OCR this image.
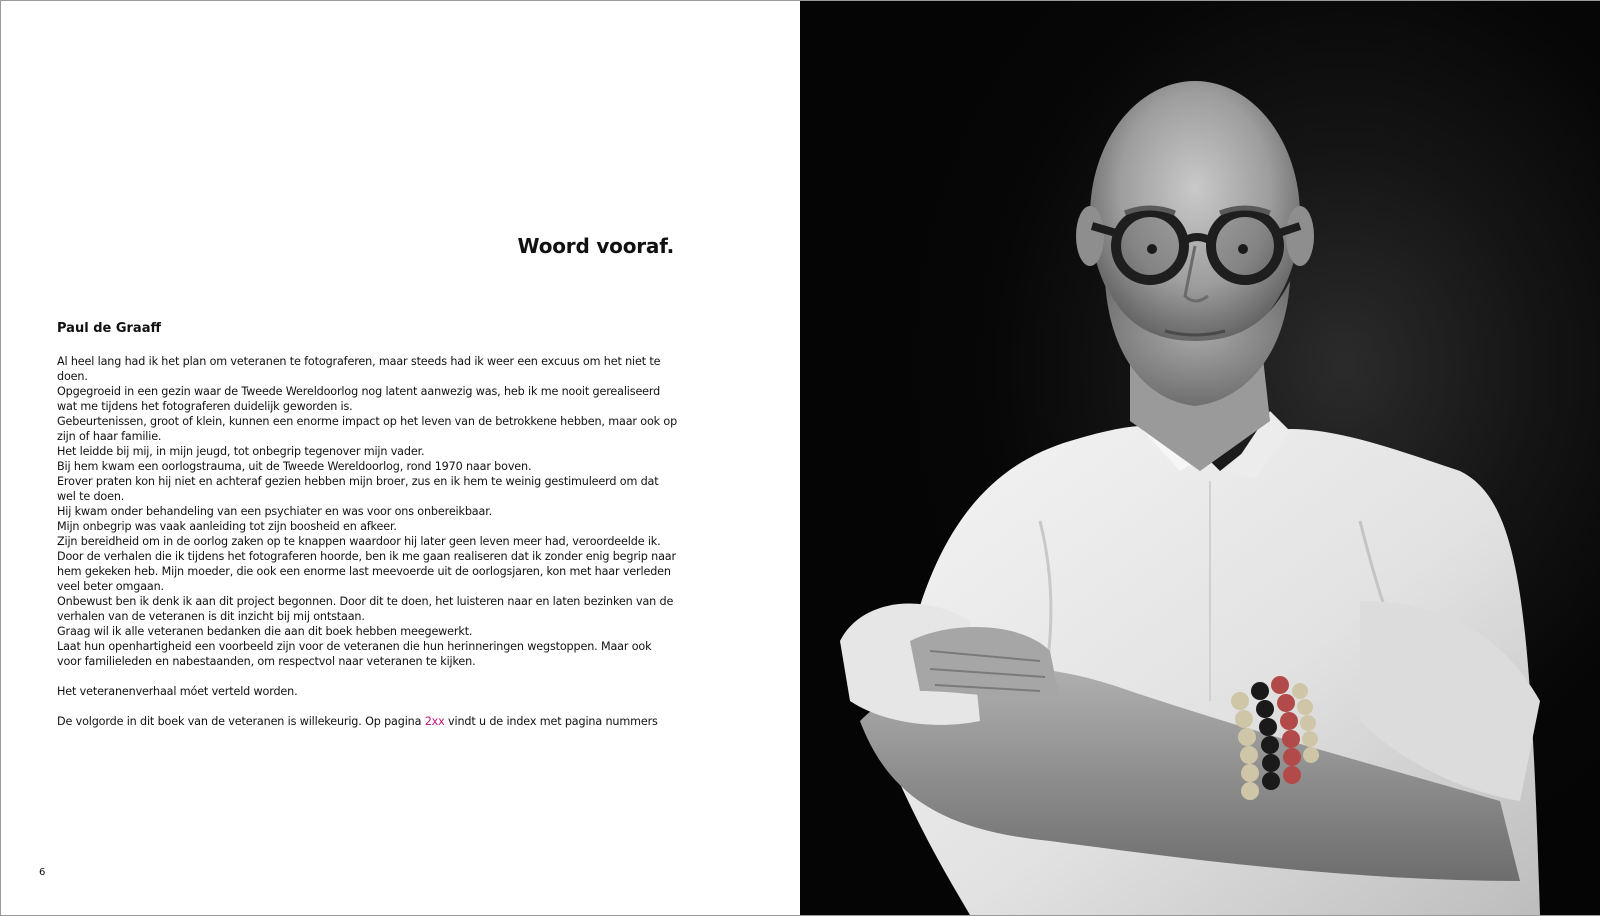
Woord vooraf.
Paul de Graaff

Al heel lang had ik het plan om veteranen te fotograferen, maar steeds had ik weer een excuus om het niet te doen.

Opgegroeid in een gezin waar de Tweede Wereldoorlog nog latent aanwezig was, heb ik me nooit gerealiseerd wat me tijdens het fotograferen duidelijk geworden is.

Gebeurtenissen, groot of klein, kunnen een enorme impact op het leven van de betrokkene hebben, maar ook op zijn of haar familie.

Het leidde bij mij, in mijn jeugd, tot onbegrip tegenover mijn vader.

Bij hem kwam een oorlogstrauma, uit de Tweede Wereldoorlog, rond 1970 naar boven.

Erover praten kon hij niet en achteraf gezien hebben mijn broer, zus en ik hem te weinig gestimuleerd om dat wel te doen.

Hij kwam onder behandeling van een psychiater en was voor ons onbereikbaar.

Mijn onbegrip was vaak aanleiding tot zijn boosheid en afkeer.

Zijn bereidheid om in de oorlog zaken op te knappen waardoor hij later geen leven meer had, veroordeelde ik.

Door de verhalen die ik tijdens het fotograferen hoorde, ben ik me gaan realiseren dat ik zonder enig begrip naar hem gekeken heb. Mijn moeder, die ook een enorme last meevoerde uit de oorlogsjaren, kon met haar verleden veel beter omgaan.

Onbewust ben ik denk ik aan dit project begonnen. Door dit te doen, het luisteren naar en laten bezinken van de verhalen van de veteranen is dit inzicht bij mij ontstaan.

Graag wil ik alle veteranen bedanken die aan dit boek hebben meegewerkt.

Laat hun openhartigheid een voorbeeld zijn voor de veteranen die hun herinneringen wegstoppen. Maar ook voor familieleden en nabestaanden, om respectvol naar veteranen te kijken.

Het veteranenverhaal móet verteld worden.

De volgorde in dit boek van de veteranen is willekeurig. Op pagina 2xx vindt u de index met pagina nummers

6
